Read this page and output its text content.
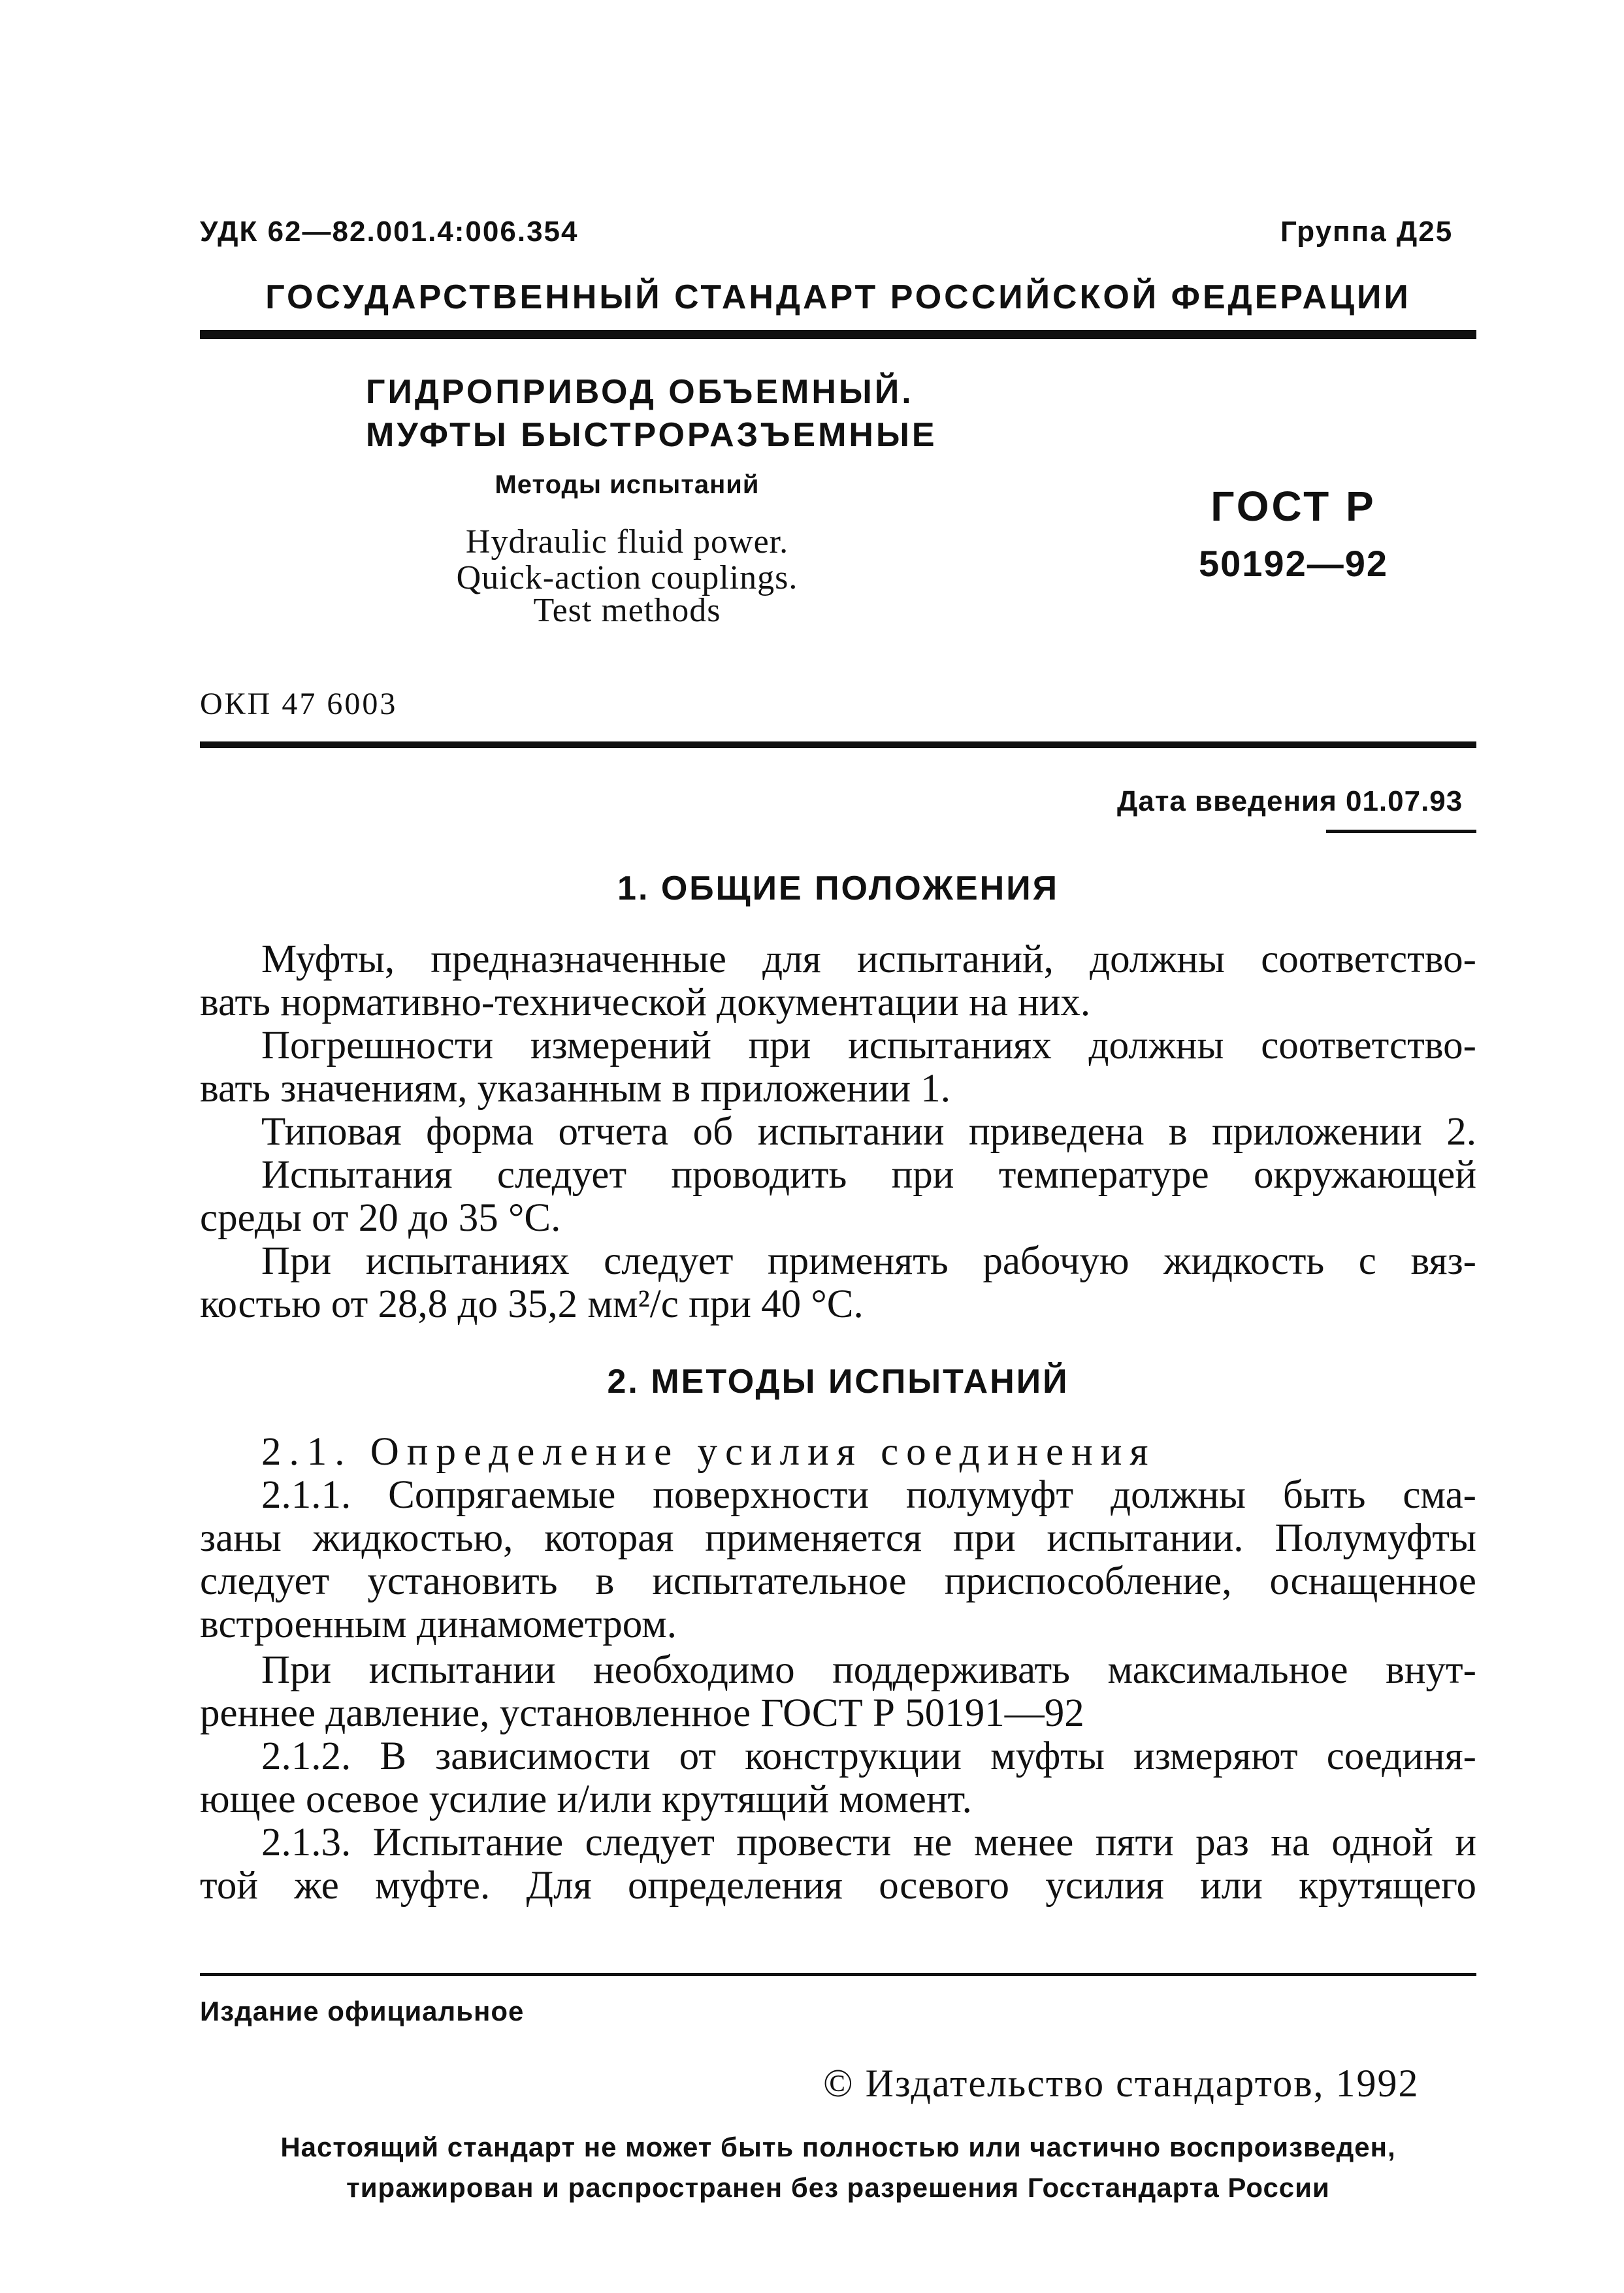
УДК 62—82.001.4:006.354	Группа Д25
ГОСУДАРСТВЕННЫЙ СТАНДАРТ РОССИЙСКОЙ ФЕДЕРАЦИИ
ГИДРОПРИВОД ОБЪЕМНЫЙ.
МУФТЫ БЫСТРОРАЗЪЕМНЫЕ
Методы испытаний
Hydraulic fluid power.
Quick-action couplings.
Test methods
ГОСТ Р
50192—92
ОКП 47 6003
Дата введения 01.07.93
1. ОБЩИЕ ПОЛОЖЕНИЯ
Муфты, предназначенные для испытаний, должны соответство-
вать нормативно-технической документации на них.
Погрешности измерений при испытаниях должны соответство-
вать значениям, указанным в приложении 1.
Типовая форма отчета об испытании приведена в приложении 2.
Испытания следует проводить при температуре окружающей
среды от 20 до 35 °С.
При испытаниях следует применять рабочую жидкость с вяз-
костью от 28,8 до 35,2 мм²/с при 40 °С.
2. МЕТОДЫ ИСПЫТАНИЙ
2.1. Определение усилия соединения
2.1.1. Сопрягаемые поверхности полумуфт должны быть сма-
заны жидкостью, которая применяется при испытании. Полумуфты
следует установить в испытательное приспособление, оснащенное
встроенным динамометром.
При испытании необходимо поддерживать максимальное внут-
реннее давление, установленное ГОСТ Р 50191—92
2.1.2. В зависимости от конструкции муфты измеряют соединя-
ющее осевое усилие и/или крутящий момент.
2.1.3. Испытание следует провести не менее пяти раз на одной и
той же муфте. Для определения осевого усилия или крутящего
Издание официальное
© Издательство стандартов, 1992
Настоящий стандарт не может быть полностью или частично воспроизведен,
тиражирован и распространен без разрешения Госстандарта России
